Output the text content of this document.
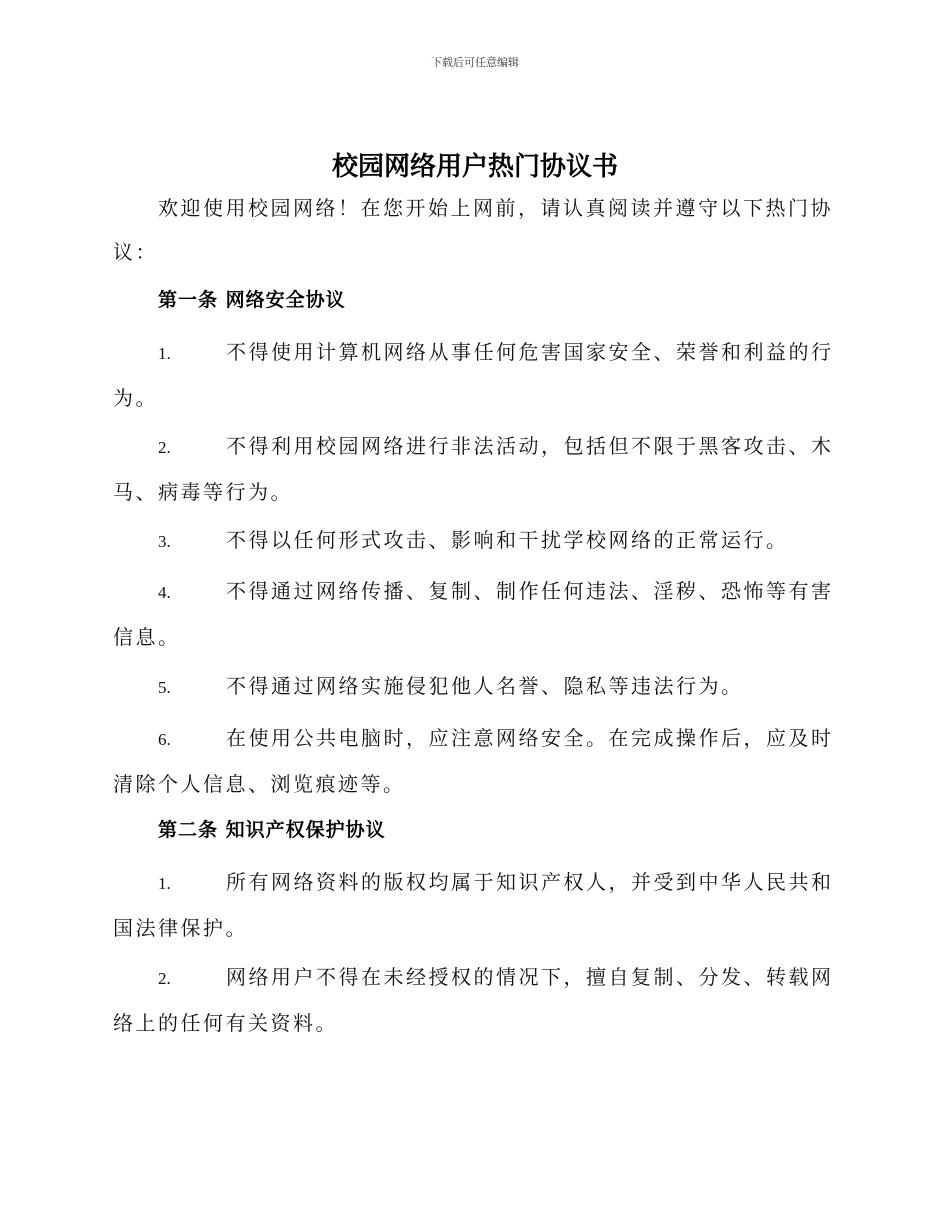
下载后可任意编辑
校园网络用户热门协议书

欢迎使用校园网络！在您开始上网前，请认真阅读并遵守以下热门协议：

第一条 网络安全协议

1.	不得使用计算机网络从事任何危害国家安全、荣誉和利益的行为。

2.	不得利用校园网络进行非法活动，包括但不限于黑客攻击、木马、病毒等行为。

3.	不得以任何形式攻击、影响和干扰学校网络的正常运行。

4.	不得通过网络传播、复制、制作任何违法、淫秽、恐怖等有害信息。

5.	不得通过网络实施侵犯他人名誉、隐私等违法行为。

6.	在使用公共电脑时，应注意网络安全。在完成操作后，应及时清除个人信息、浏览痕迹等。

第二条 知识产权保护协议

1.	所有网络资料的版权均属于知识产权人，并受到中华人民共和国法律保护。

2.	网络用户不得在未经授权的情况下，擅自复制、分发、转载网络上的任何有关资料。
